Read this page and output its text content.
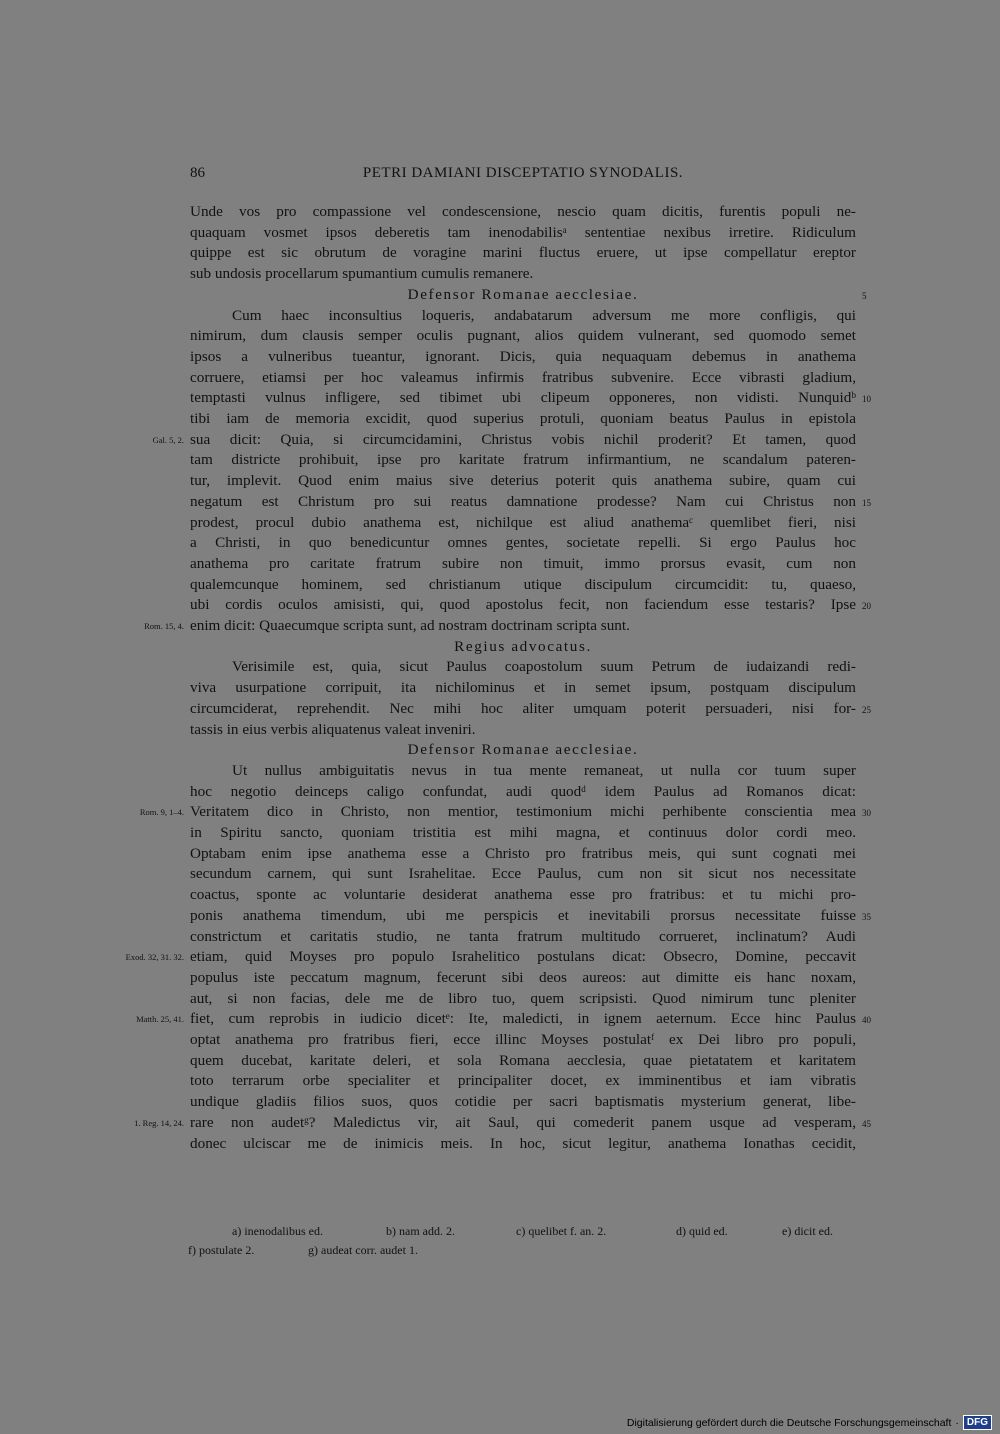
86	PETRI DAMIANI DISCEPTATIO SYNODALIS.
Unde vos pro compassione vel condescensione, nescio quam dicitis, furentis populi ne-
quaquam vosmet ipsos deberetis tam inenodabilisᵃ sententiae nexibus irretire. Ridiculum
quippe est sic obrutum de voragine marini fluctus eruere, ut ipse compellatur ereptor
sub undosis procellarum spumantium cumulis remanere.
Defensor Romanae aecclesiae.	5
Cum haec inconsultius loqueris, andabatarum adversum me more confligis, qui
nimirum, dum clausis semper oculis pugnant, alios quidem vulnerant, sed quomodo semet
ipsos a vulneribus tueantur, ignorant. Dicis, quia nequaquam debemus in anathema
corruere, etiamsi per hoc valeamus infirmis fratribus subvenire. Ecce vibrasti gladium,
temptasti vulnus infligere, sed tibimet ubi clipeum opponeres, non vidisti. Nunquidᵇ 10
tibi iam de memoria excidit, quod superius protuli, quoniam beatus Paulus in epistola
sua dicit: Quia, si circumcidamini, Christus vobis nichil proderit? Et tamen, quod
Gal. 5, 2.
tam districte prohibuit, ipse pro karitate fratrum infirmantium, ne scandalum pateren-
tur, implevit. Quod enim maius sive deterius poterit quis anathema subire, quam cui
negatum est Christum pro sui reatus damnatione prodesse? Nam cui Christus non 15
prodest, procul dubio anathema est, nichilque est aliud anathemaᶜ quemlibet fieri, nisi
a Christi, in quo benedicuntur omnes gentes, societate repelli. Si ergo Paulus hoc
anathema pro caritate fratrum subire non timuit, immo prorsus evasit, cum non
qualemcunque hominem, sed christianum utique discipulum circumcidit: tu, quaeso,
ubi cordis oculos amisisti, qui, quod apostolus fecit, non faciendum esse testaris? Ipse 20
enim dicit: Quaecumque scripta sunt, ad nostram doctrinam scripta sunt.
Rom. 15, 4.
Regius advocatus.
Verisimile est, quia, sicut Paulus coapostolum suum Petrum de iudaizandi redi-
viva usurpatione corripuit, ita nichilominus et in semet ipsum, postquam discipulum
circumciderat, reprehendit. Nec mihi hoc aliter umquam poterit persuaderi, nisi for- 25
tassis in eius verbis aliquatenus valeat inveniri.
Defensor Romanae aecclesiae.
Ut nullus ambiguitatis nevus in tua mente remaneat, ut nulla cor tuum super
hoc negotio deinceps caligo confundat, audi quodᵈ idem Paulus ad Romanos dicat:
Veritatem dico in Christo, non mentior, testimonium michi perhibente conscientia mea 30
Rom. 9, 1–4.
in Spiritu sancto, quoniam tristitia est mihi magna, et continuus dolor cordi meo.
Optabam enim ipse anathema esse a Christo pro fratribus meis, qui sunt cognati mei
secundum carnem, qui sunt Israhelitae. Ecce Paulus, cum non sit sicut nos necessitate
coactus, sponte ac voluntarie desiderat anathema esse pro fratribus: et tu michi pro-
ponis anathema timendum, ubi me perspicis et inevitabili prorsus necessitate fuisse 35
constrictum et caritatis studio, ne tanta fratrum multitudo corrueret, inclinatum? Audi
etiam, quid Moyses pro populo Israhelitico postulans dicat: Obsecro, Domine, peccavit
Exod. 32, 31. 32.
populus iste peccatum magnum, fecerunt sibi deos aureos: aut dimitte eis hanc noxam,
aut, si non facias, dele me de libro tuo, quem scripsisti. Quod nimirum tunc pleniter
fiet, cum reprobis in iudicio dicetᵉ: Ite, maledicti, in ignem aeternum. Ecce hinc Paulus 40
Matth. 25, 41.
optat anathema pro fratribus fieri, ecce illinc Moyses postulatᶠ ex Dei libro pro populi,
quem ducebat, karitate deleri, et sola Romana aecclesia, quae pietatatem et karitatem
toto terrarum orbe specialiter et principaliter docet, ex imminentibus et iam vibratis
undique gladiis filios suos, quos cotidie per sacri baptismatis mysterium generat, libe-
rare non audetᵍ? Maledictus vir, ait Saul, qui comederit panem usque ad vesperam, 45
1. Reg. 14, 24.
donec ulciscar me de inimicis meis. In hoc, sicut legitur, anathema Ionathas cecidit,
a) inenodalibus ed.	b) nam add. 2.	c) quelibet f. an. 2.	d) quid ed.	e) dicit ed.
f) postulate 2.	g) audeat corr. audet 1.
Digitalisierung gefördert durch die Deutsche Forschungsgemeinschaft · DFG
